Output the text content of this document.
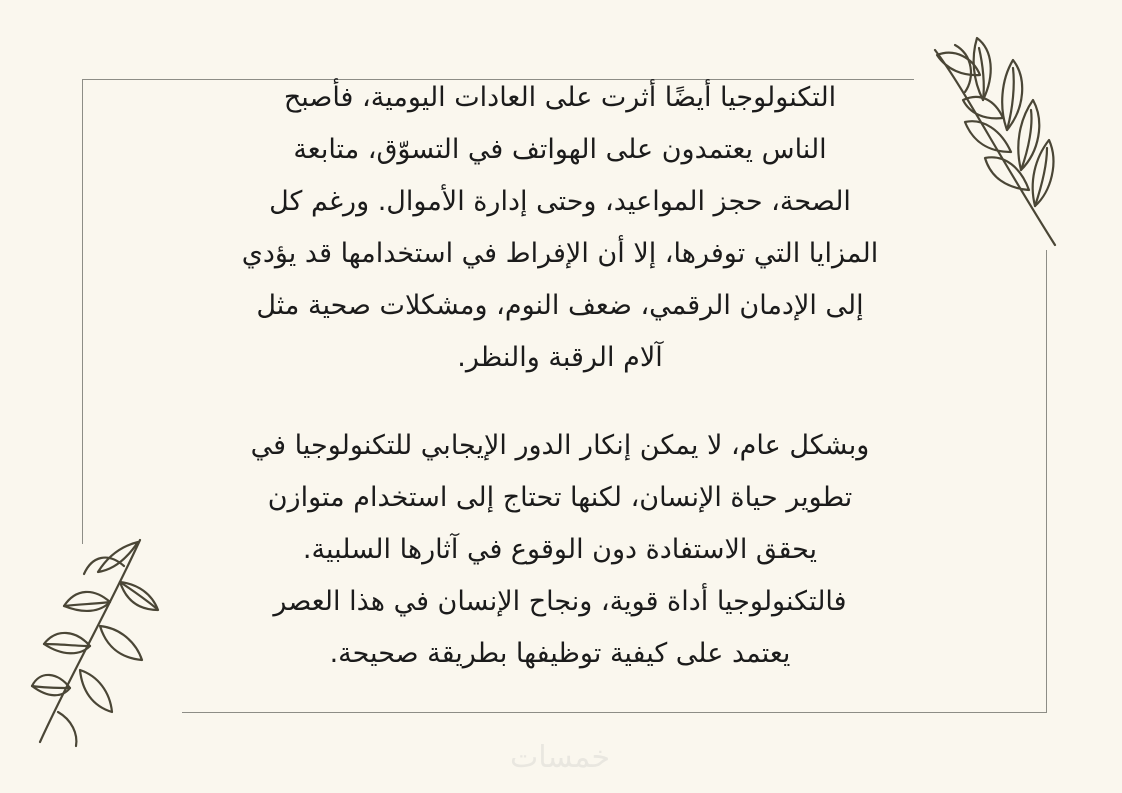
التكنولوجيا أيضًا أثرت على العادات اليومية، فأصبح
الناس يعتمدون على الهواتف في التسوّق، متابعة
الصحة، حجز المواعيد، وحتى إدارة الأموال. ورغم كل
المزايا التي توفرها، إلا أن الإفراط في استخدامها قد يؤدي
إلى الإدمان الرقمي، ضعف النوم، ومشكلات صحية مثل
آلام الرقبة والنظر.
وبشكل عام، لا يمكن إنكار الدور الإيجابي للتكنولوجيا في
تطوير حياة الإنسان، لكنها تحتاج إلى استخدام متوازن
يحقق الاستفادة دون الوقوع في آثارها السلبية.
فالتكنولوجيا أداة قوية، ونجاح الإنسان في هذا العصر
يعتمد على كيفية توظيفها بطريقة صحيحة.
خمسات
